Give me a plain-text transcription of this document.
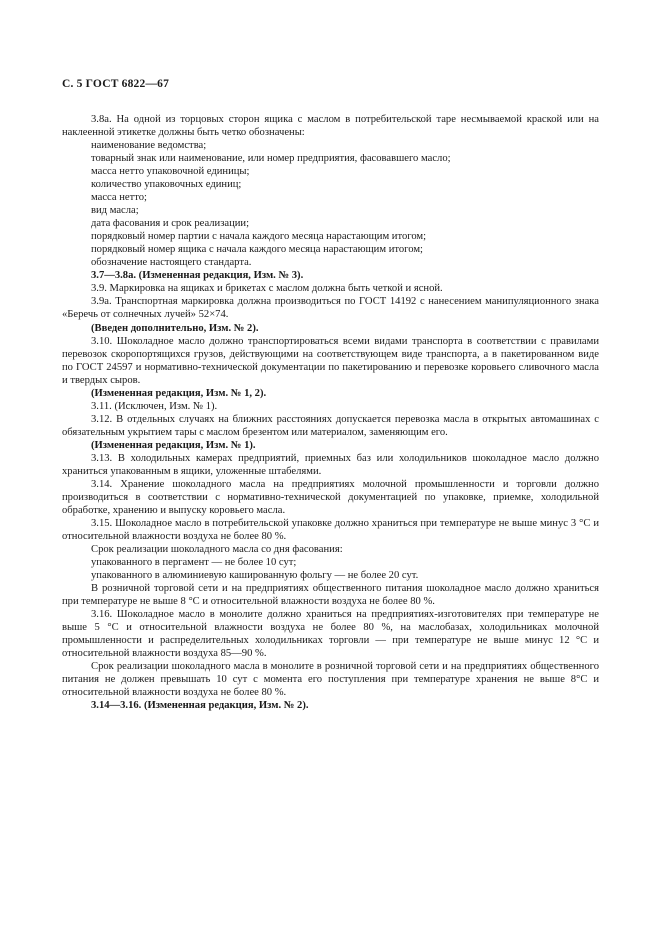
С. 5 ГОСТ 6822—67

3.8а. На одной из торцовых сторон ящика с маслом в потребительской таре несмываемой краской или на наклеенной этикетке должны быть четко обозначены:

наименование ведомства;

товарный знак или наименование, или номер предприятия, фасовавшего масло;

масса нетто упаковочной единицы;

количество упаковочных единиц;

масса нетто;

вид масла;

дата фасования и срок реализации;

порядковый номер партии с начала каждого месяца нарастающим итогом;

порядковый номер ящика с начала каждого месяца нарастающим итогом;

обозначение настоящего стандарта.

3.7—3.8а. (Измененная редакция, Изм. № 3).

3.9. Маркировка на ящиках и брикетах с маслом должна быть четкой и ясной.

3.9а. Транспортная маркировка должна производиться по ГОСТ 14192 с нанесением манипуляционного знака «Беречь от солнечных лучей» 52×74.

(Введен дополнительно, Изм. № 2).

3.10. Шоколадное масло должно транспортироваться всеми видами транспорта в соответствии с правилами перевозок скоропортящихся грузов, действующими на соответствующем виде транспорта, а в пакетированном виде по ГОСТ 24597 и нормативно-технической документации по пакетированию и перевозке коровьего сливочного масла и твердых сыров.

(Измененная редакция, Изм. № 1, 2).

3.11. (Исключен, Изм. № 1).

3.12. В отдельных случаях на ближних расстояниях допускается перевозка масла в открытых автомашинах с обязательным укрытием тары с маслом брезентом или материалом, заменяющим его.

(Измененная редакция, Изм. № 1).

3.13. В холодильных камерах предприятий, приемных баз или холодильников шоколадное масло должно храниться упакованным в ящики, уложенные штабелями.

3.14. Хранение шоколадного масла на предприятиях молочной промышленности и торговли должно производиться в соответствии с нормативно-технической документацией по упаковке, приемке, холодильной обработке, хранению и выпуску коровьего масла.

3.15. Шоколадное масло в потребительской упаковке должно храниться при температуре не выше минус 3 °С и относительной влажности воздуха не более 80 %.

Срок реализации шоколадного масла со дня фасования:

упакованного в пергамент — не более 10 сут;

упакованного в алюминиевую кашированную фольгу — не более 20 сут.

В розничной торговой сети и на предприятиях общественного питания шоколадное масло должно храниться при температуре не выше 8 °С и относительной влажности воздуха не более 80 %.

3.16. Шоколадное масло в монолите должно храниться на предприятиях-изготовителях при температуре не выше 5 °С и относительной влажности воздуха не более 80 %, на маслобазах, холодильниках молочной промышленности и распределительных холодильниках торговли — при температуре не выше минус 12 °С и относительной влажности воздуха 85—90 %.

Срок реализации шоколадного масла в монолите в розничной торговой сети и на предприятиях общественного питания не должен превышать 10 сут с момента его поступления при температуре хранения не выше 8°С и относительной влажности воздуха не более 80 %.

3.14—3.16. (Измененная редакция, Изм. № 2).
